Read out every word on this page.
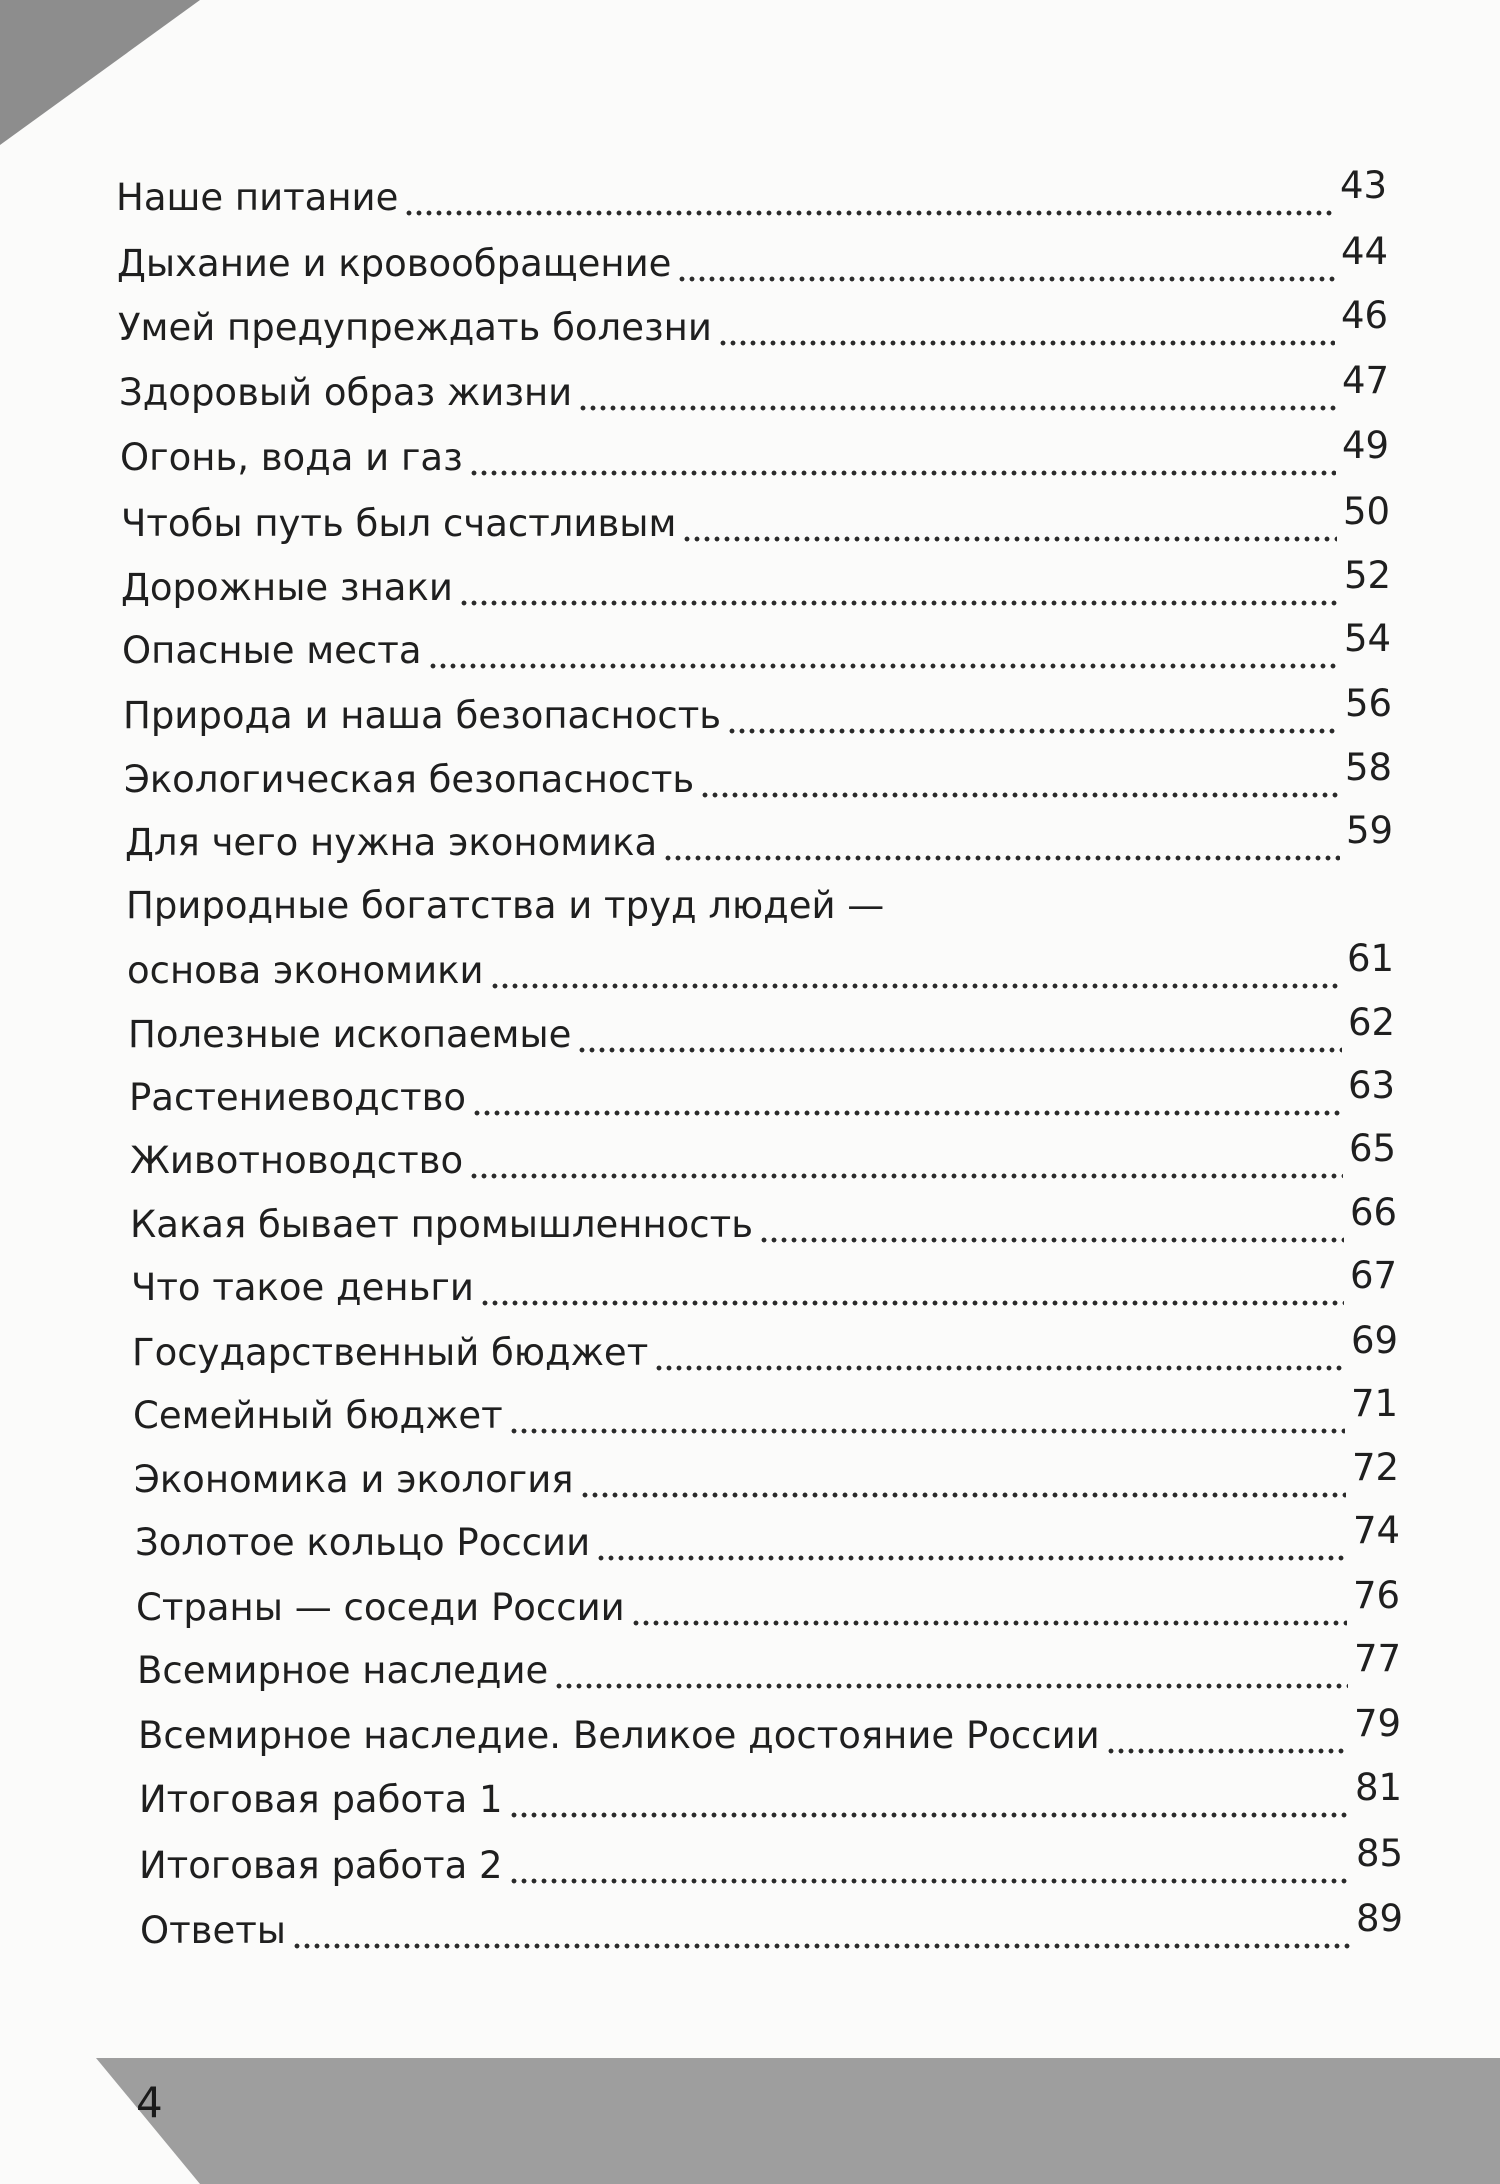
Наше питание	43
Дыхание и кровообращение	44
Умей предупреждать болезни	46
Здоровый образ жизни	47
Огонь, вода и газ	49
Чтобы путь был счастливым	50
Дорожные знаки	52
Опасные места	54
Природа и наша безопасность	56
Экологическая безопасность	58
Для чего нужна экономика	59
Природные богатства и труд людей —
основа экономики	61
Полезные ископаемые	62
Растениеводство	63
Животноводство	65
Какая бывает промышленность	66
Что такое деньги	67
Государственный бюджет	69
Семейный бюджет	71
Экономика и экология	72
Золотое кольцо России	74
Страны — соседи России	76
Всемирное наследие	77
Всемирное наследие. Великое достояние России	79
Итоговая работа 1	81
Итоговая работа 2	85
Ответы	89
4
